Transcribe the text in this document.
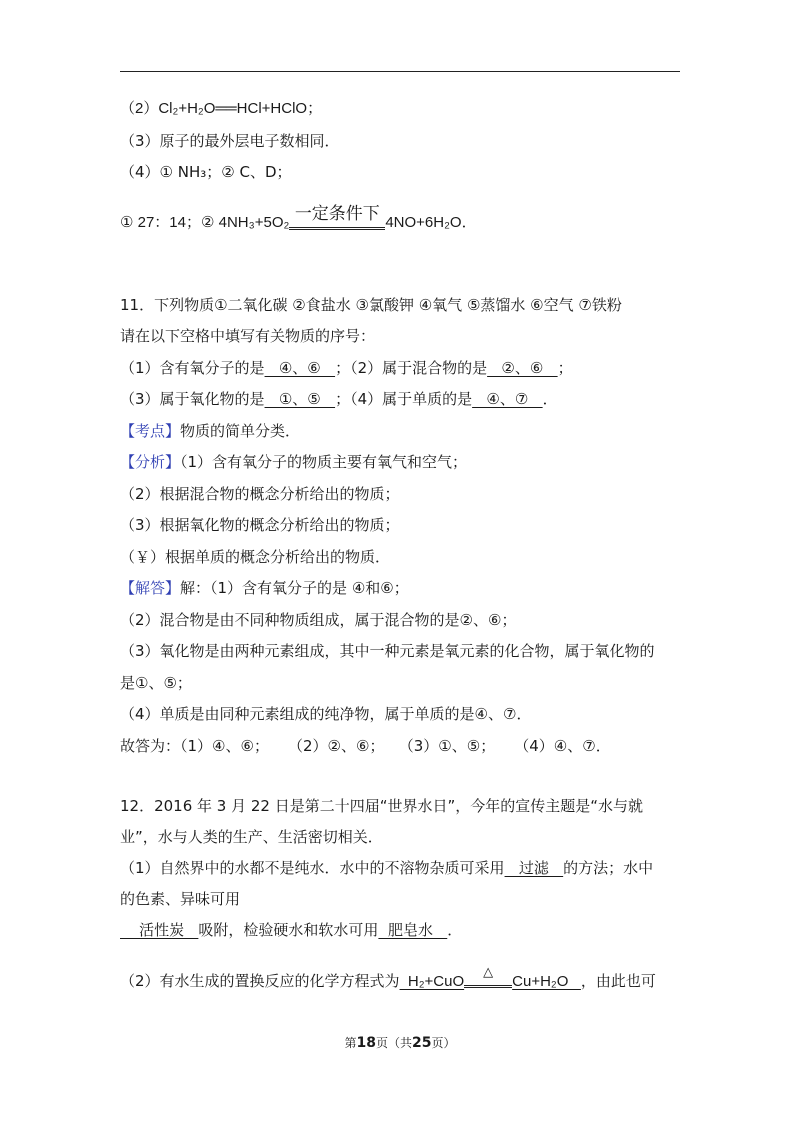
（2）Cl₂+H₂O══HCl+HClO；
（3）原子的最外层电子数相同．
（4）① NH₃；② C、D；
① 27：14；② 4NH₃+5O₂ 一定条件下 4NO+6H₂O．
11．下列物质①二氧化碳 ②食盐水 ③氯酸钾 ④氧气 ⑤蒸馏水 ⑥空气 ⑦铁粉
请在以下空格中填写有关物质的序号：
（1）含有氧分子的是   ④、⑥   ；（2）属于混合物的是   ②、⑥   ；
（3）属于氧化物的是   ①、⑤   ；（4）属于单质的是   ④、⑦   ．
【考点】物质的简单分类．
【分析】（1）含有氧分子的物质主要有氧气和空气；
（2）根据混合物的概念分析给出的物质；
（3）根据氧化物的概念分析给出的物质；
（￥）根据单质的概念分析给出的物质．
【解答】解：（1）含有氧分子的是 ④和⑥；
（2）混合物是由不同种物质组成，属于混合物的是②、⑥；
（3）氧化物是由两种元素组成，其中一种元素是氧元素的化合物，属于氧化物的
是①、⑤；
（4）单质是由同种元素组成的纯净物，属于单质的是④、⑦．
故答为：（1）④、⑥；    （2）②、⑥；   （3）①、⑤；    （4）④、⑦．
12．2016 年 3 月 22 日是第二十四届“世界水日”，今年的宣传主题是“水与就
业”，水与人类的生产、生活密切相关．
（1）自然界中的水都不是纯水．水中的不溶物杂质可采用   过滤   的方法；水中
的色素、异味可用
活性炭   吸附，检验硬水和软水可用  肥皂水   ．
（2）有水生成的置换反应的化学方程式为  H₂+CuO
△
Cu+H₂O   ，由此也可
第18页（共25页）
